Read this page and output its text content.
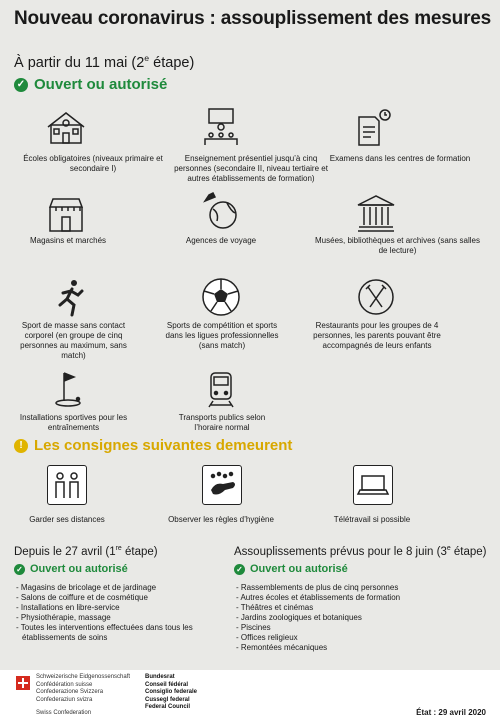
Nouveau coronavirus : assouplissement des mesures
À partir du 11 mai (2e étape)
✓ Ouvert ou autorisé
Écoles obligatoires (niveaux primaire et secondaire I)
Enseignement présentiel jusqu’à cinq personnes (secondaire II, niveau tertiaire et autres établissements de formation)
Examens dans les centres de formation
Magasins et marchés	Agences de voyage	Musées, bibliothèques et archives (sans salles de lecture)
Sport de masse sans contact corporel (en groupe de cinq personnes au maximum, sans match)
Sports de compétition et sports dans les ligues professionnelles (sans match)
Restaurants pour les groupes de 4 personnes, les parents pouvant être accompagnés de leurs enfants
Installations sportives pour les entraînements
Transports publics selon l’horaire normal
! Les consignes suivantes demeurent
Garder ses distances	Observer les règles d’hygiène	Télétravail si possible
Depuis le 27 avril (1re étape)
✓ Ouvert ou autorisé
- Magasins de bricolage et de jardinage
- Salons de coiffure et de cosmétique
- Installations en libre-service
- Physiothérapie, massage
- Toutes les interventions effectuées dans tous les établissements de soins
Assouplissements prévus pour le 8 juin (3e étape)
✓ Ouvert ou autorisé
- Rassemblements de plus de cinq personnes
- Autres écoles et établissements de formation
- Théâtres et cinémas
- Jardins zoologiques et botaniques
- Piscines
- Offices religieux
- Remontées mécaniques
Schweizerische Eidgenossenschaft
Confédération suisse
Confederazione Svizzera
Confederaziun svizra
Swiss Confederation
Bundesrat
Conseil fédéral
Consiglio federale
Cussegl federal
Federal Council
État : 29 avril 2020
